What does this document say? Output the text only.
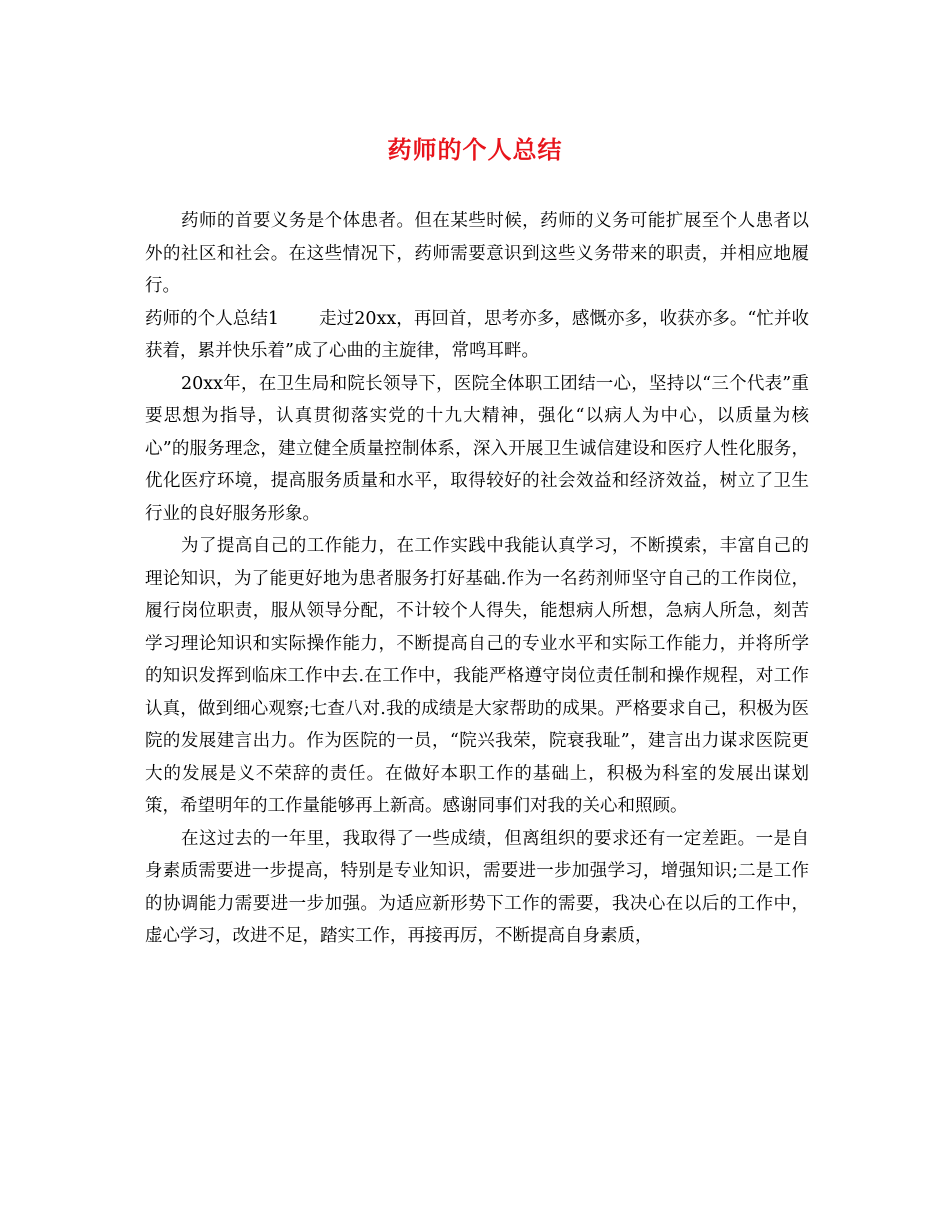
药师的个人总结

药师的首要义务是个体患者。但在某些时候，药师的义务可能扩展至个人患者以外的社区和社会。在这些情况下，药师需要意识到这些义务带来的职责，并相应地履行。

药师的个人总结1 走过20xx，再回首，思考亦多，感慨亦多，收获亦多。“忙并收获着，累并快乐着”成了心曲的主旋律，常鸣耳畔。

20xx年，在卫生局和院长领导下，医院全体职工团结一心，坚持以“三个代表”重要思想为指导，认真贯彻落实党的十九大精神，强化“以病人为中心，以质量为核心”的服务理念，建立健全质量控制体系，深入开展卫生诚信建设和医疗人性化服务，优化医疗环境，提高服务质量和水平，取得较好的社会效益和经济效益，树立了卫生行业的良好服务形象。

为了提高自己的工作能力，在工作实践中我能认真学习，不断摸索，丰富自己的理论知识，为了能更好地为患者服务打好基础.作为一名药剂师坚守自己的工作岗位，履行岗位职责，服从领导分配，不计较个人得失，能想病人所想，急病人所急，刻苦学习理论知识和实际操作能力，不断提高自己的专业水平和实际工作能力，并将所学的知识发挥到临床工作中去.在工作中，我能严格遵守岗位责任制和操作规程，对工作认真，做到细心观察;七查八对.我的成绩是大家帮助的成果。严格要求自己，积极为医院的发展建言出力。作为医院的一员，“院兴我荣，院衰我耻”，建言出力谋求医院更大的发展是义不荣辞的责任。在做好本职工作的基础上，积极为科室的发展出谋划策，希望明年的工作量能够再上新高。感谢同事们对我的关心和照顾。

在这过去的一年里，我取得了一些成绩，但离组织的要求还有一定差距。一是自身素质需要进一步提高，特别是专业知识，需要进一步加强学习，增强知识;二是工作的协调能力需要进一步加强。为适应新形势下工作的需要，我决心在以后的工作中，虚心学习，改进不足，踏实工作，再接再厉，不断提高自身素质，
